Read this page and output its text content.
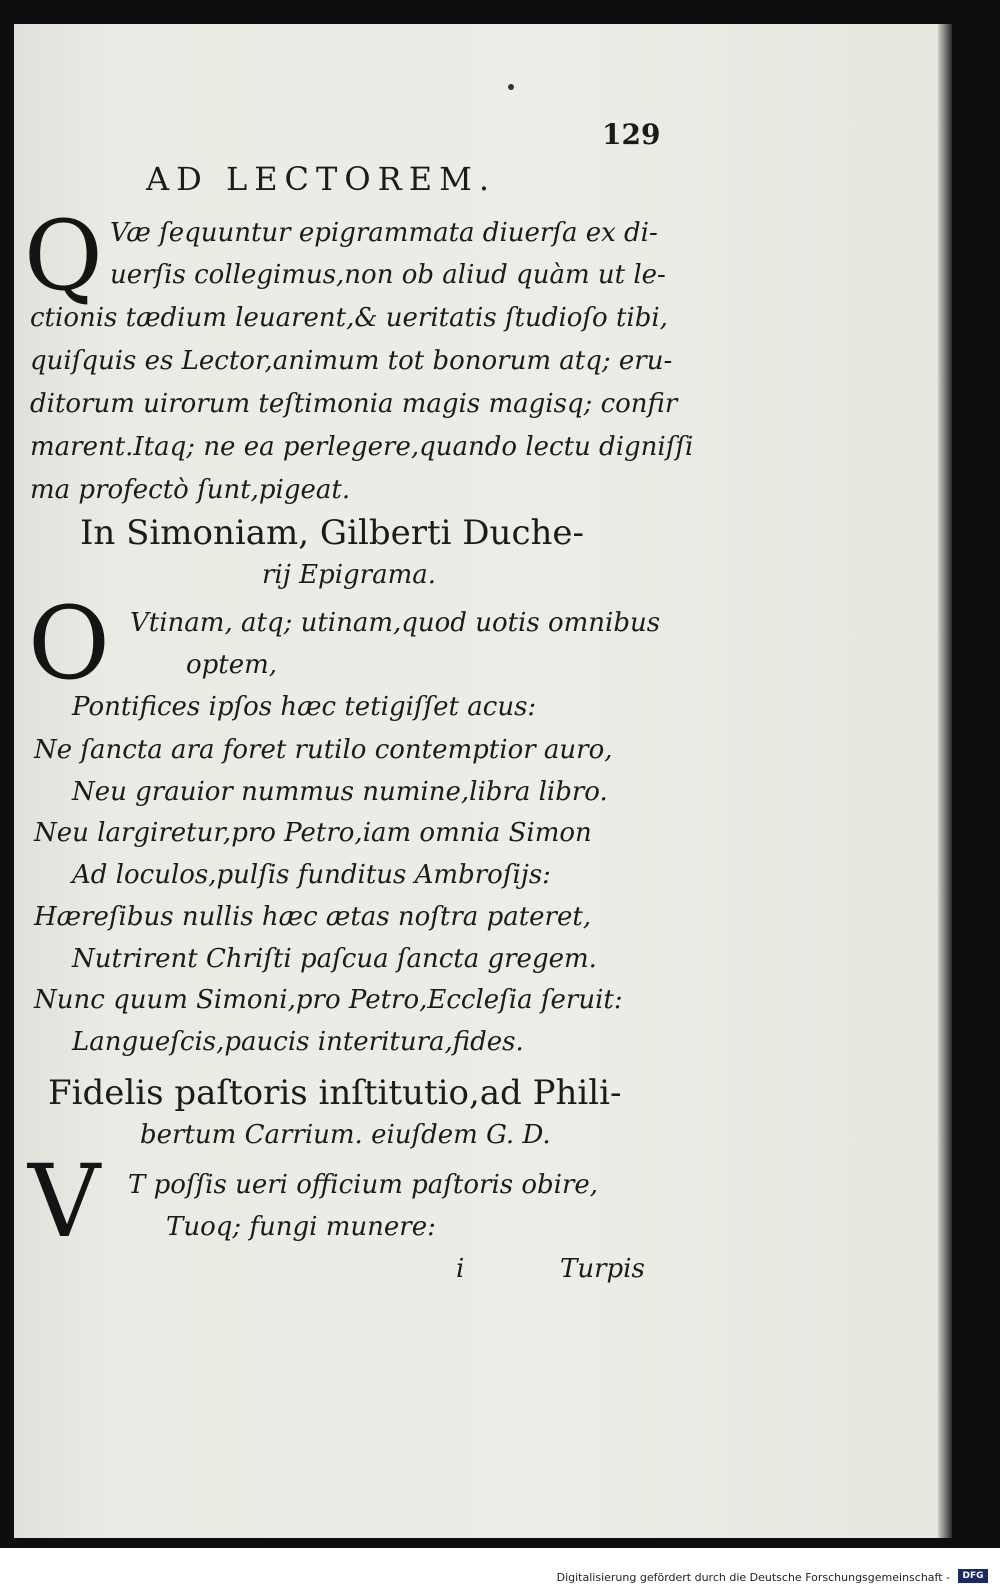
129
AD LECTOREM.
Q Væ ſequuntur epigrammata diuerſa ex di-
uerſis collegimus,non ob aliud quàm ut le-
ctionis tædium leuarent,& ueritatis ſtudioſo tibi,
quiſquis es Lector,animum tot bonorum atq; eru-
ditorum uirorum teſtimonia magis magisq; confir
marent.Itaq; ne ea perlegere,quando lectu digniſſi
ma profectò ſunt,pigeat.
In Simoniam, Gilberti Duche-
rij Epigrama.
O Vtinam, atq; utinam,quod uotis omnibus
optem,
Pontifices ipſos hæc tetigiſſet acus:
Ne ſancta ara foret rutilo contemptior auro,
Neu grauior nummus numine,libra libro.
Neu largiretur,pro Petro,iam omnia Simon
Ad loculos,pulſis funditus Ambroſijs:
Hæreſibus nullis hæc ætas noſtra pateret,
Nutrirent Chriſti paſcua ſancta gregem.
Nunc quum Simoni,pro Petro,Eccleſia ſeruit:
Langueſcis,paucis interitura,fides.
Fidelis paſtoris inſtitutio,ad Phili-
bertum Carrium. eiuſdem G. D.
V T poſſis ueri officium paſtoris obire,
Tuoq; fungi munere:
i	Turpis
Digitalisierung gefördert durch die Deutsche Forschungsgemeinschaft -	DFG
